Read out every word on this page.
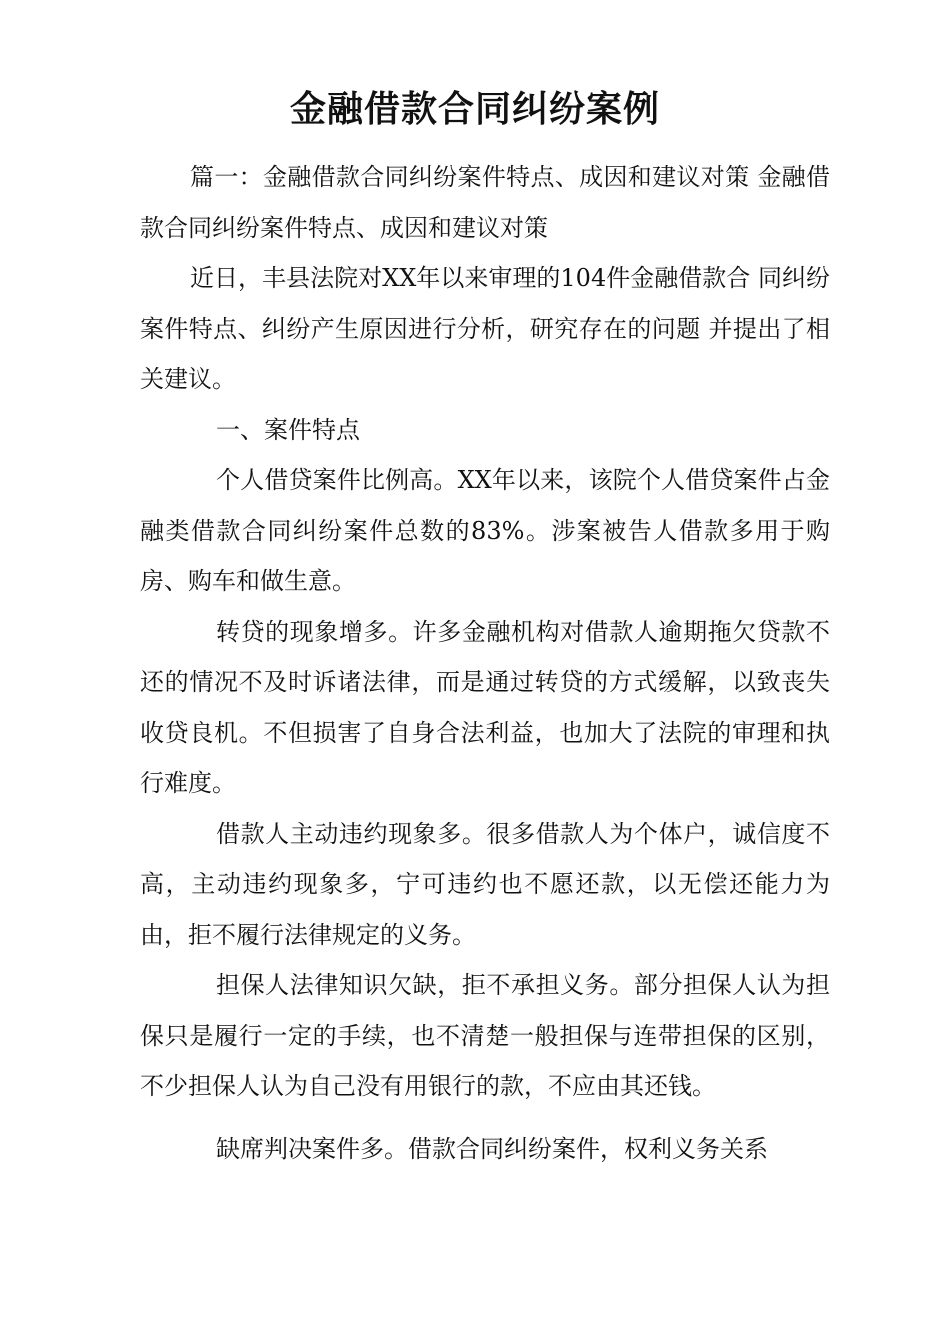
金融借款合同纠纷案例

篇一：金融借款合同纠纷案件特点、成因和建议对策 金融借款合同纠纷案件特点、成因和建议对策

近日，丰县法院对XX年以来审理的104件金融借款合 同纠纷案件特点、纠纷产生原因进行分析，研究存在的问题 并提出了相关建议。

一、案件特点

个人借贷案件比例高。XX年以来，该院个人借贷案件占金融类借款合同纠纷案件总数的83%。涉案被告人借款多用于购房、购车和做生意。

转贷的现象增多。许多金融机构对借款人逾期拖欠贷款不还的情况不及时诉诸法律，而是通过转贷的方式缓解，以致丧失收贷良机。不但损害了自身合法利益，也加大了法院的审理和执行难度。

借款人主动违约现象多。很多借款人为个体户，诚信度不高，主动违约现象多，宁可违约也不愿还款，以无偿还能力为由，拒不履行法律规定的义务。

担保人法律知识欠缺，拒不承担义务。部分担保人认为担保只是履行一定的手续，也不清楚一般担保与连带担保的区别，不少担保人认为自己没有用银行的款，不应由其还钱。

缺席判决案件多。借款合同纠纷案件，权利义务关系
